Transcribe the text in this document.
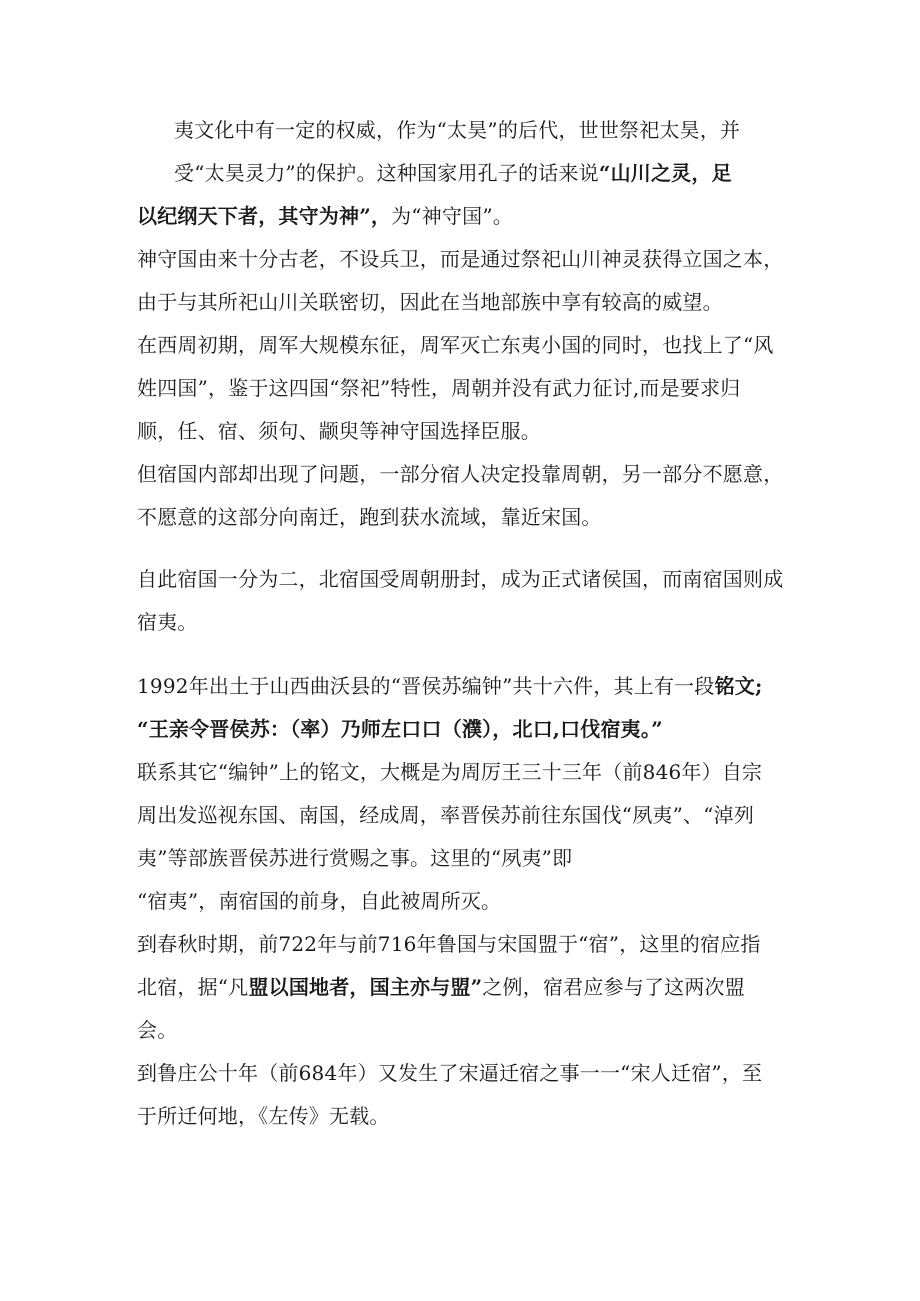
夷文化中有一定的权威，作为“太昊”的后代，世世祭祀太昊，并
受“太昊灵力”的保护。这种国家用孔子的话来说“山川之灵，足
以纪纲天下者，其守为神”，为“神守国”。
神守国由来十分古老，不设兵卫，而是通过祭祀山川神灵获得立国之本，
由于与其所祀山川关联密切，因此在当地部族中享有较高的威望。
在西周初期，周军大规模东征，周军灭亡东夷小国的同时，也找上了“风
姓四国”，鉴于这四国“祭祀”特性，周朝并没有武力征讨,而是要求归
顺，任、宿、须句、颛臾等神守国选择臣服。
但宿国内部却出现了问题，一部分宿人决定投靠周朝，另一部分不愿意，
不愿意的这部分向南迁，跑到获水流域，靠近宋国。
自此宿国一分为二，北宿国受周朝册封，成为正式诸侯国，而南宿国则成
宿夷。
1992年出土于山西曲沃县的“晋侯苏编钟”共十六件，其上有一段铭文;
“王亲令晋侯苏：（率）乃师左口口（濮），北口,口伐宿夷。”
联系其它“编钟”上的铭文，大概是为周厉王三十三年（前846年）自宗
周出发巡视东国、南国，经成周，率晋侯苏前往东国伐“夙夷”、“淖列
夷”等部族晋侯苏进行赏赐之事。这里的“夙夷”即
“宿夷”，南宿国的前身，自此被周所灭。
到春秋时期，前722年与前716年鲁国与宋国盟于“宿”，这里的宿应指
北宿，据“凡盟以国地者，国主亦与盟”之例，宿君应参与了这两次盟
会。
到鲁庄公十年（前684年）又发生了宋逼迁宿之事一一“宋人迁宿”，至
于所迁何地，《左传》无载。
